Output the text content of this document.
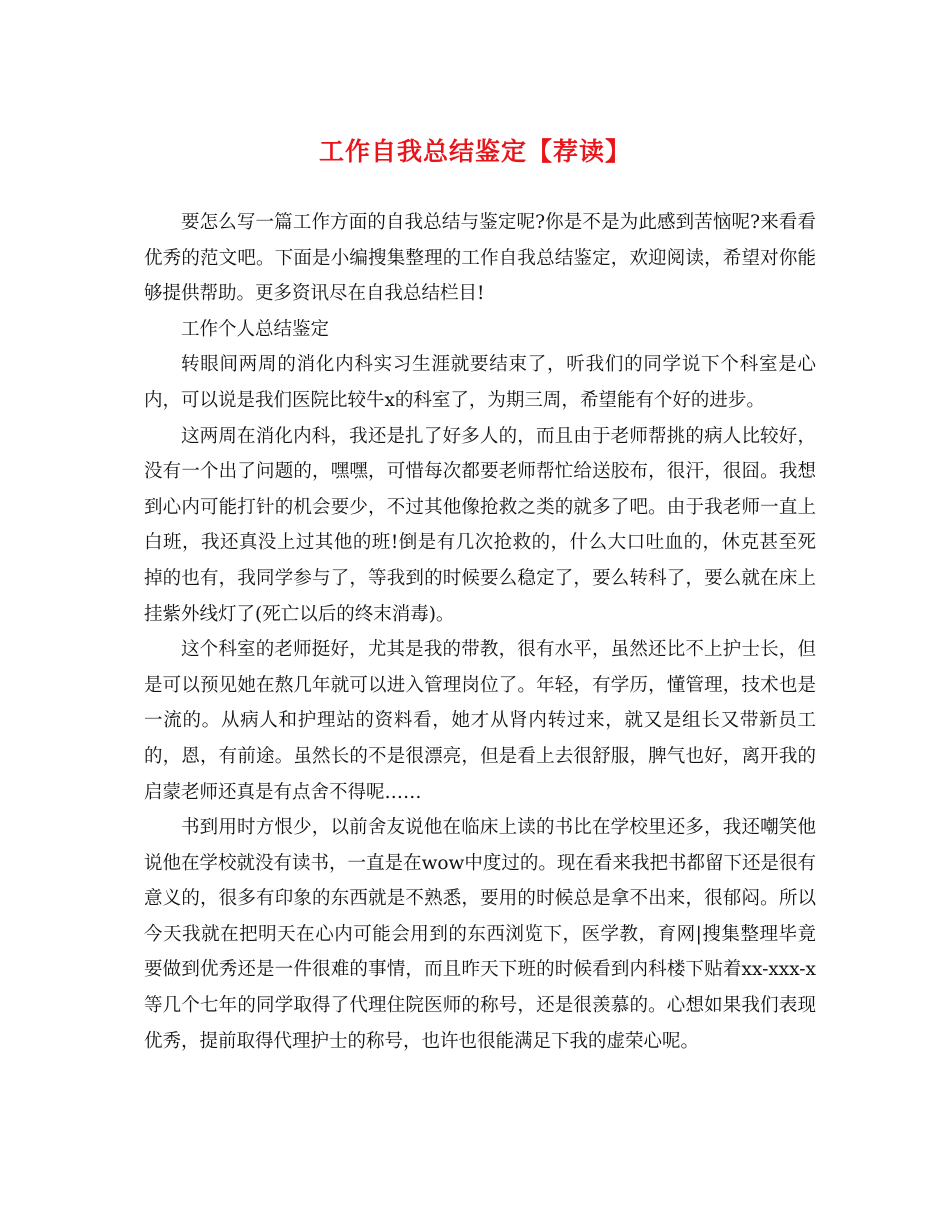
工作自我总结鉴定【荐读】

要怎么写一篇工作方面的自我总结与鉴定呢?你是不是为此感到苦恼呢?来看看优秀的范文吧。下面是小编搜集整理的工作自我总结鉴定，欢迎阅读，希望对你能够提供帮助。更多资讯尽在自我总结栏目!

工作个人总结鉴定

转眼间两周的消化内科实习生涯就要结束了，听我们的同学说下个科室是心内，可以说是我们医院比较牛x的科室了，为期三周，希望能有个好的进步。

这两周在消化内科，我还是扎了好多人的，而且由于老师帮挑的病人比较好，没有一个出了问题的，嘿嘿，可惜每次都要老师帮忙给送胶布，很汗，很囧。我想到心内可能打针的机会要少，不过其他像抢救之类的就多了吧。由于我老师一直上白班，我还真没上过其他的班!倒是有几次抢救的，什么大口吐血的，休克甚至死掉的也有，我同学参与了，等我到的时候要么稳定了，要么转科了，要么就在床上挂紫外线灯了(死亡以后的终末消毒)。

这个科室的老师挺好，尤其是我的带教，很有水平，虽然还比不上护士长，但是可以预见她在熬几年就可以进入管理岗位了。年轻，有学历，懂管理，技术也是一流的。从病人和护理站的资料看，她才从肾内转过来，就又是组长又带新员工的，恩，有前途。虽然长的不是很漂亮，但是看上去很舒服，脾气也好，离开我的启蒙老师还真是有点舍不得呢……

书到用时方恨少，以前舍友说他在临床上读的书比在学校里还多，我还嘲笑他说他在学校就没有读书，一直是在wow中度过的。现在看来我把书都留下还是很有意义的，很多有印象的东西就是不熟悉，要用的时候总是拿不出来，很郁闷。所以今天我就在把明天在心内可能会用到的东西浏览下，医学教，育网|搜集整理毕竟要做到优秀还是一件很难的事情，而且昨天下班的时候看到内科楼下贴着xx-xxx-x等几个七年的同学取得了代理住院医师的称号，还是很羡慕的。心想如果我们表现优秀，提前取得代理护士的称号，也许也很能满足下我的虚荣心呢。
